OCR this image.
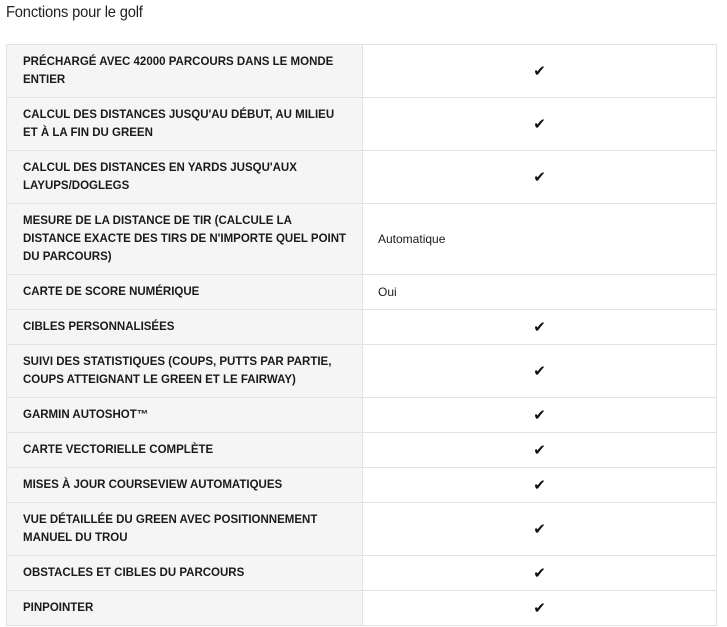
Fonctions pour le golf
PRÉCHARGÉ AVEC 42000 PARCOURS DANS LE MONDE ENTIER	✔
CALCUL DES DISTANCES JUSQU'AU DÉBUT, AU MILIEU ET À LA FIN DU GREEN	✔
CALCUL DES DISTANCES EN YARDS JUSQU'AUX LAYUPS/DOGLEGS	✔
MESURE DE LA DISTANCE DE TIR (CALCULE LA DISTANCE EXACTE DES TIRS DE N'IMPORTE QUEL POINT DU PARCOURS)	Automatique
CARTE DE SCORE NUMÉRIQUE	Oui
CIBLES PERSONNALISÉES	✔
SUIVI DES STATISTIQUES (COUPS, PUTTS PAR PARTIE, COUPS ATTEIGNANT LE GREEN ET LE FAIRWAY)	✔
GARMIN AUTOSHOT™	✔
CARTE VECTORIELLE COMPLÈTE	✔
MISES À JOUR COURSEVIEW AUTOMATIQUES	✔
VUE DÉTAILLÉE DU GREEN AVEC POSITIONNEMENT MANUEL DU TROU	✔
OBSTACLES ET CIBLES DU PARCOURS	✔
PINPOINTER	✔
